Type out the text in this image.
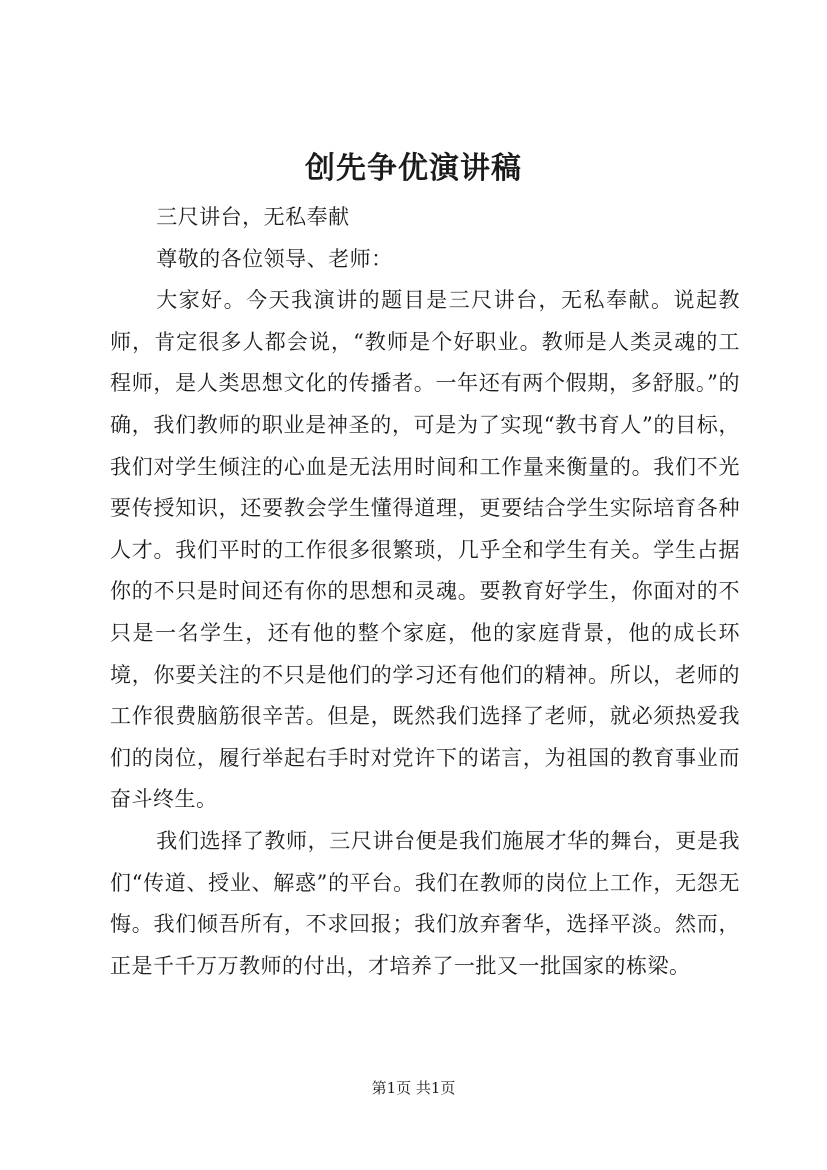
创先争优演讲稿

三尺讲台，无私奉献

尊敬的各位领导、老师：

大家好。今天我演讲的题目是三尺讲台，无私奉献。说起教师，肯定很多人都会说，“教师是个好职业。教师是人类灵魂的工程师，是人类思想文化的传播者。一年还有两个假期，多舒服。”的确，我们教师的职业是神圣的，可是为了实现“教书育人”的目标，我们对学生倾注的心血是无法用时间和工作量来衡量的。我们不光要传授知识，还要教会学生懂得道理，更要结合学生实际培育各种人才。我们平时的工作很多很繁琐，几乎全和学生有关。学生占据你的不只是时间还有你的思想和灵魂。要教育好学生，你面对的不只是一名学生，还有他的整个家庭，他的家庭背景，他的成长环境，你要关注的不只是他们的学习还有他们的精神。所以，老师的工作很费脑筋很辛苦。但是，既然我们选择了老师，就必须热爱我们的岗位，履行举起右手时对党许下的诺言，为祖国的教育事业而奋斗终生。

我们选择了教师，三尺讲台便是我们施展才华的舞台，更是我们“传道、授业、解惑”的平台。我们在教师的岗位上工作，无怨无悔。我们倾吾所有，不求回报；我们放弃奢华，选择平淡。然而，正是千千万万教师的付出，才培养了一批又一批国家的栋梁。

第1页 共1页
